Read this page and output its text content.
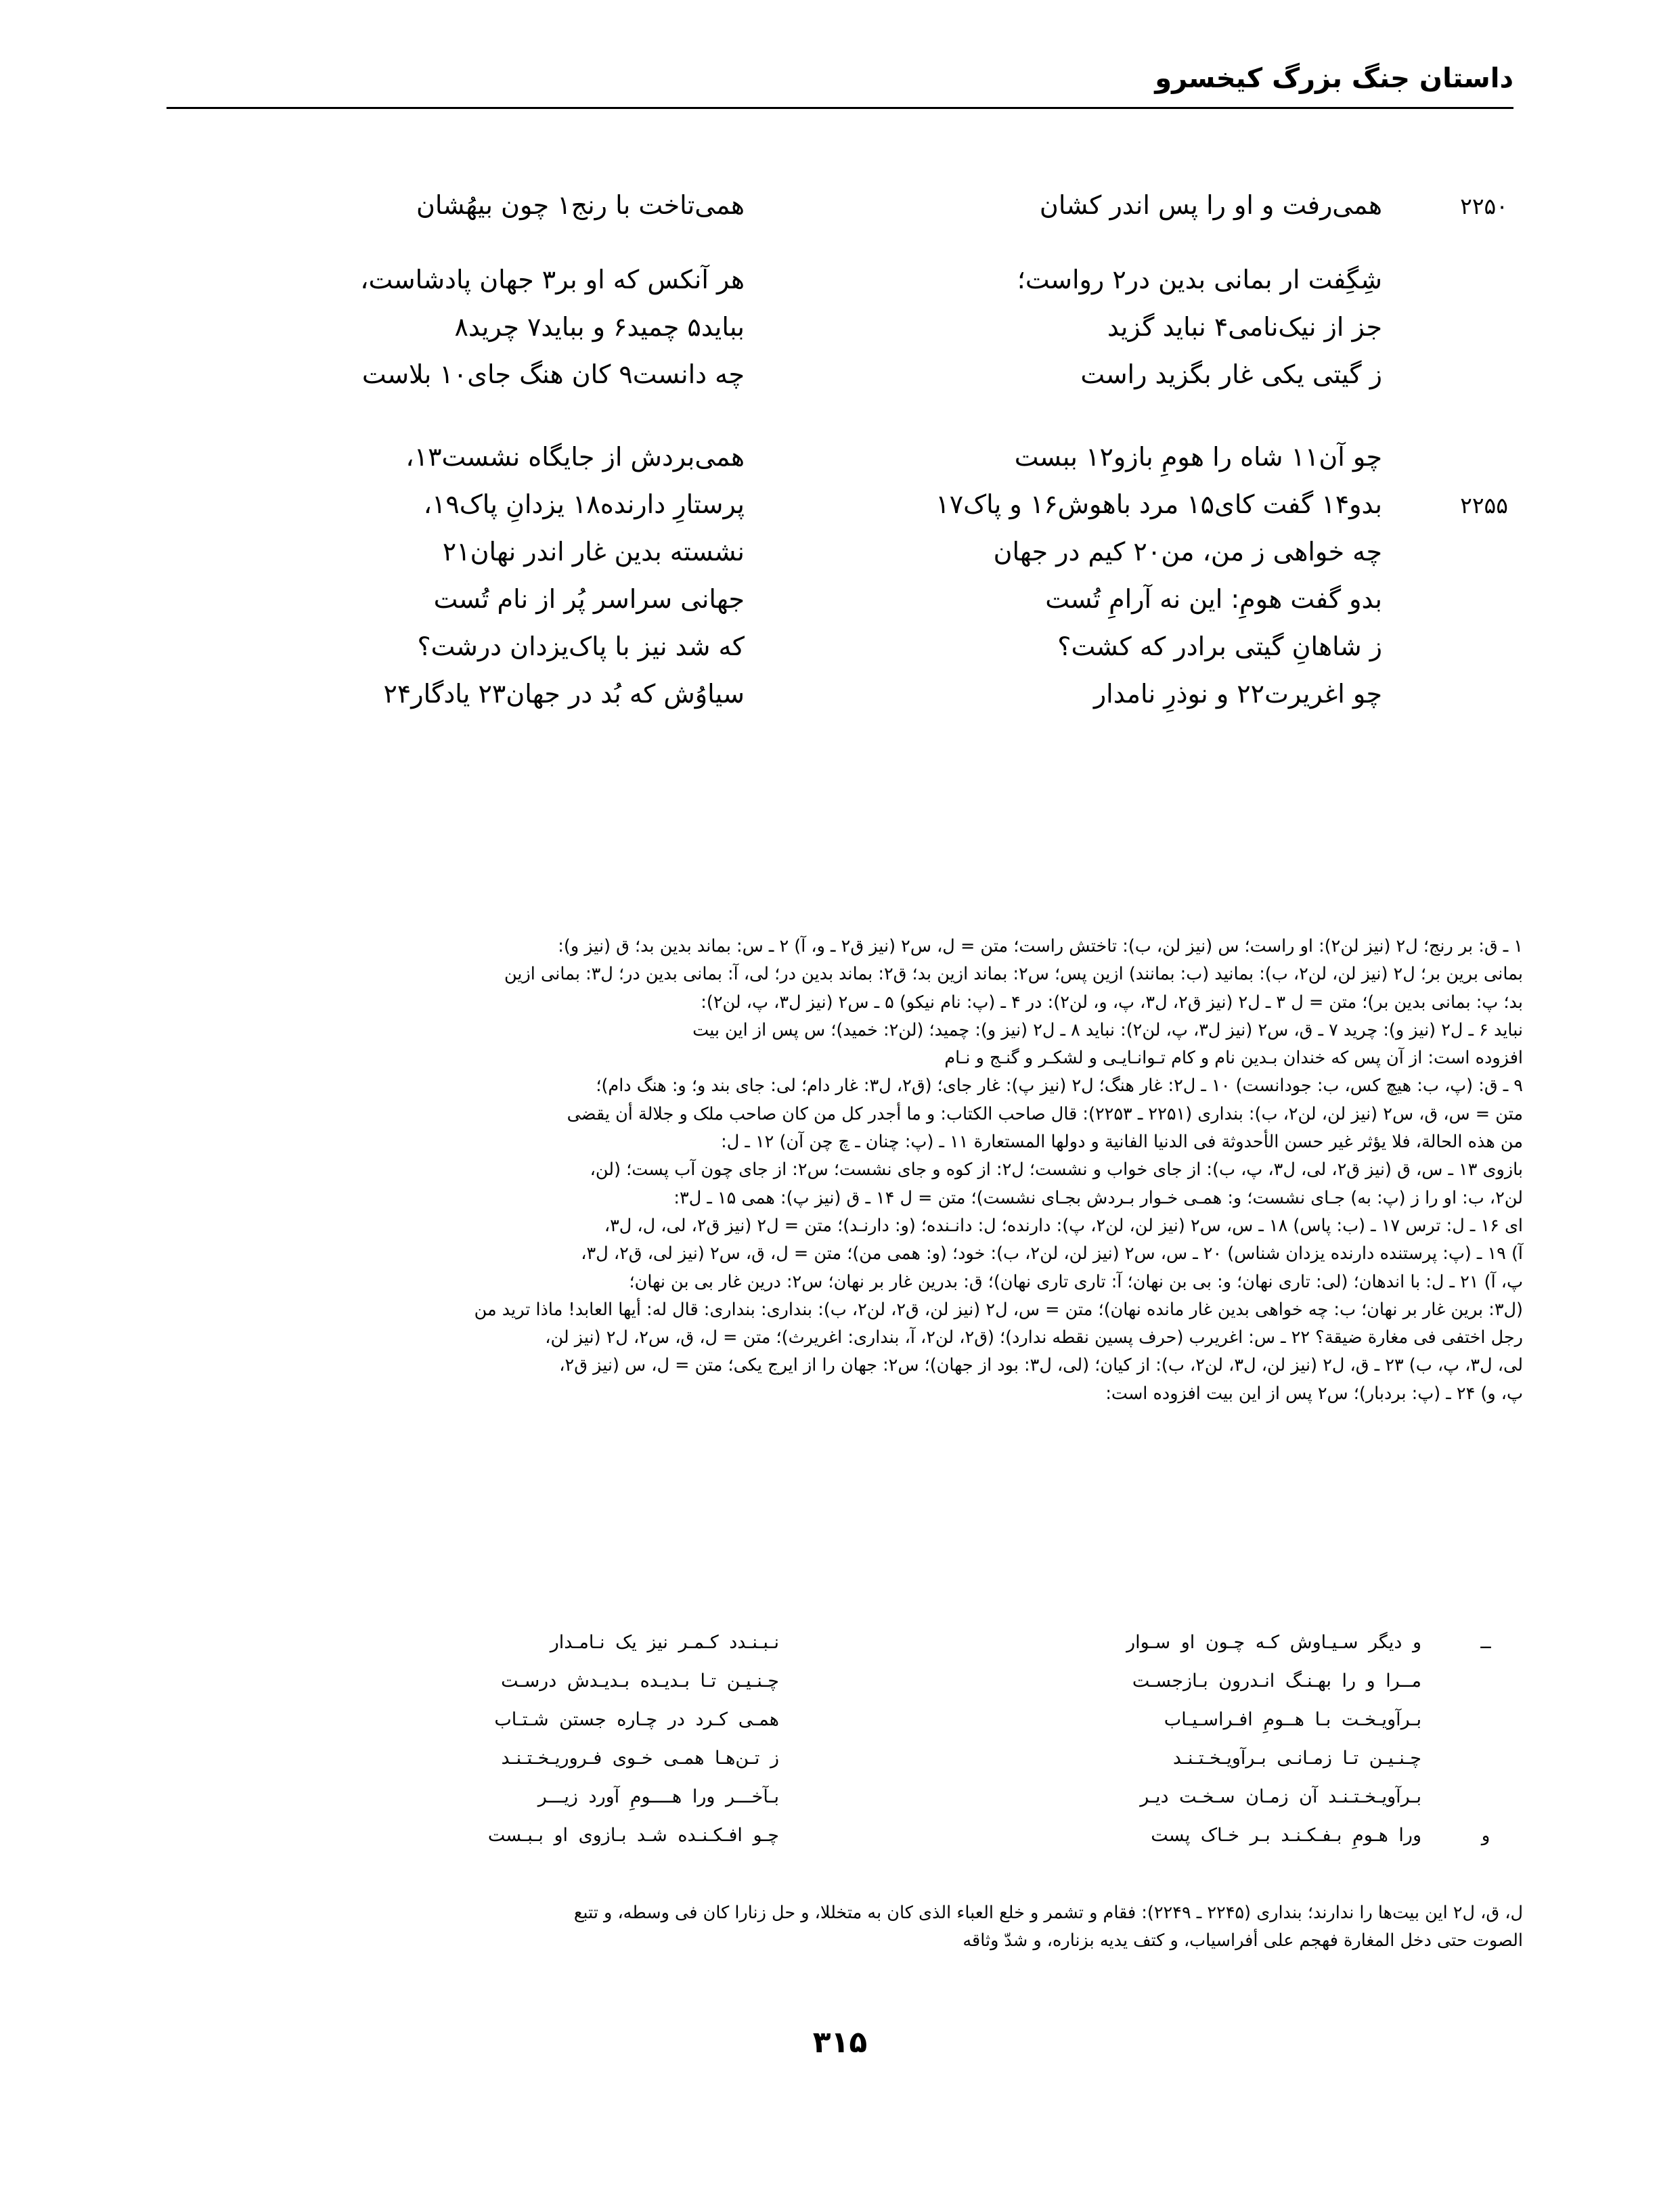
داستان جنگ بزرگ کیخسرو
۲۲۵۰
همی‌رفت و او را پس اندر کشان
همی‌تاخت با رنج۱ چون بیهُشان
شِگِفت ار بمانی بدین در۲ رواست؛
هر آنکس که او بر۳ جهان پادشاست،
جز از نیک‌نامی۴ نباید گزید
بباید۵ چمید۶ و بباید۷ چرید۸
ز گیتی یکی غار بگزید راست
چه دانست۹ کان هنگ جای۱۰ بلاست
چو آن۱۱ شاه را هومِ بازو۱۲ ببست
همی‌بردش از جایگاه نشست۱۳،
۲۲۵۵
بدو۱۴ گفت کای۱۵ مرد باهوش۱۶ و پاک۱۷
پرستارِ دارنده۱۸ یزدانِ پاک۱۹،
چه خواهی ز من، من۲۰ کیم در جهان
نشسته بدین غار اندر نهان۲۱
بدو گفت هومِ: این نه آرامِ تُست
جهانی سراسر پُر از نام تُست
ز شاهانِ گیتی برادر که کشت؟
که شد نیز با پاک‌یزدان درشت؟
چو اغریرت۲۲ و نوذرِ نامدار
سیاوُش که بُد در جهان۲۳ یادگار۲۴

۱ ـ ق: بر رنج؛ ل۲ (نیز لن۲): او راست؛ س (نیز لن، ب): تاختش راست؛ متن = ل، س۲ (نیز ق۲ ـ و، آ) ۲ ـ س: بماند بدین بد؛ ق (نیز و):

بمانی برین بر؛ ل۲ (نیز لن، لن۲، ب): بمانید (ب: بمانند) ازین پس؛ س۲: بماند ازین بد؛ ق۲: بماند بدین در؛ لی، آ: بمانی بدین در؛ ل۳: بمانی ازین

بد؛ پ: بمانی بدین بر)؛ متن = ل ۳ ـ ل۲ (نیز ق۲، ل۳، پ، و، لن۲): در ۴ ـ (پ: نام نیکو) ۵ ـ س۲ (نیز ل۳، پ، لن۲):

نباید ۶ ـ ل۲ (نیز و): چرید ۷ ـ ق، س۲ (نیز ل۳، پ، لن۲): نباید ۸ ـ ل۲ (نیز و): چمید؛ (لن۲: خمید)؛ س پس از این بیت

افزوده است: از آن پس که خندان بـدین نام و کام تـوانـایـی و لشکـر و گنـج و نـام

۹ ـ ق: (پ، ب: هیچ کس، ب: جودانست) ۱۰ ـ ل۲: غار هنگ؛ ل۲ (نیز پ): غار جای؛ (ق۲، ل۳: غار دام؛ لی: جای بند و؛ و: هنگ دام)؛

متن = س، ق، س۲ (نیز لن، لن۲، ب): بنداری (۲۲۵۱ ـ ۲۲۵۳): قال صاحب الکتاب: و ما أجدر کل من کان صاحب ملک و جلالة أن یقضی

من هذه الحالة، فلا یؤثر غیر حسن الأحدوثة فی الدنیا الفانیة و دولها المستعارة ۱۱ ـ (پ: چنان ـ چ چن آن) ۱۲ ـ ل:

بازوی ۱۳ ـ س، ق (نیز ق۲، لی، ل۳، پ، ب): از جای خواب و نشست؛ ل۲: از کوه و جای نشست؛ س۲: از جای چون آب پست؛ (لن،

لن۲، ب: او را ز (پ: به) جـای نشست؛ و: همـی خـوار بـردش بجـای نشست)؛ متن = ل ۱۴ ـ ق (نیز پ): همی ۱۵ ـ ل۳:

ای ۱۶ ـ ل: ترس ۱۷ ـ (ب: پاس) ۱۸ ـ س، س۲ (نیز لن، لن۲، پ): دارنده؛ ل: دانـنده؛ (و: دارنـد)؛ متن = ل۲ (نیز ق۲، لی، ل، ل۳،

آ) ۱۹ ـ (پ: پرستنده دارنده یزدان شناس) ۲۰ ـ س، س۲ (نیز لن، لن۲، ب): خود؛ (و: همی من)؛ متن = ل، ق، س۲ (نیز لی، ق۲، ل۳،

پ، آ) ۲۱ ـ ل: با اندهان؛ (لی: تاری نهان؛ و: بی بن نهان؛ آ: تاری تاری نهان)؛ ق: بدرین غار بر نهان؛ س۲: درین غار بی بن نهان؛

(ل۳: برین غار بر نهان؛ ب: چه خواهی بدین غار مانده نهان)؛ متن = س، ل۲ (نیز لن، ق۲، لن۲، ب): بنداری: بنداری: قال له: أیها العابد! ماذا ترید من

رجل اختفی فی مغارة ضیقة؟ ۲۲ ـ س: اغریرب (حرف پسین نقطه ندارد)؛ (ق۲، لن۲، آ، بنداری: اغریرث)؛ متن = ل، ق، س۲، ل۲ (نیز لن،

لی، ل۳، پ، ب) ۲۳ ـ ق، ل۲ (نیز لن، ل۳، لن۲، ب): از کیان؛ (لی، ل۳: بود از جهان)؛ س۲: جهان را از ایرج یکی؛ متن = ل، س (نیز ق۲،

پ، و) ۲۴ ـ (پ: بردبار)؛ س۲ پس از این بیت افزوده است:

ــ
و دیگر سـیـاوش کـه چـون او سـوار
نـبـنـدد کـمـر نیز یک نـامـدار
مــرا و را بهـنـگ انـدرون بـازجسـت
چـنـیـن تـا بـدیـده بـدیـدش درسـت
بـرآویـخـت بـا هــومِ افـراسـیـاب
همـی کـرد در چـاره جستن شـتـاب
چـنـیـن تـا زمـانـی بـرآویـخـتـنـد
ز تـن‌هـا همـی خـوی فـروریـخـتـنـد
بـرآویـخـتـنـد آن زمـان سـخـت دیـر
بـآخـــر ورا هــــومِ آورد زیـــر
و
ورا هـومِ بـفـکـنـد بـر خـاک پست
چـو افـکـنـده شـد بـازوی او بـبـست

ل، ق، ل۲ این بیت‌ها را ندارند؛ بنداری (۲۲۴۵ ـ ۲۲۴۹): فقام و تشمر و خلع العباء الذی کان به متخللا، و حل زنارا کان فی وسطه، و تتبع

الصوت حتی دخل المغارة فهجم علی أفراسیاب، و کتف یدیه بزناره، و شدّ وثاقه

۳۱۵
